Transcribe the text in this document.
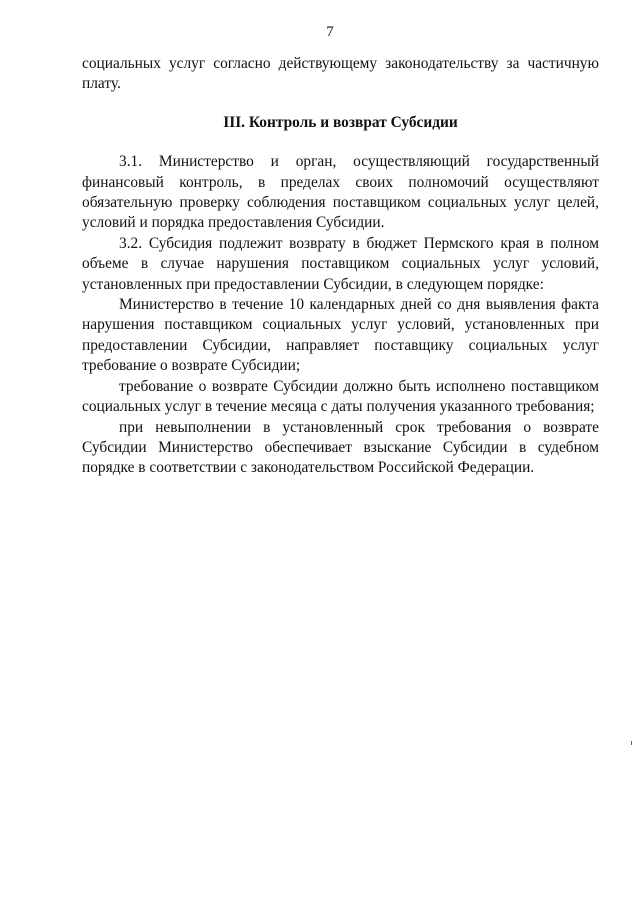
7

социальных услуг согласно действующему законодательству за частичную плату.

III. Контроль и возврат Субсидии

3.1. Министерство и орган, осуществляющий государственный финансовый контроль, в пределах своих полномочий осуществляют обязательную проверку соблюдения поставщиком социальных услуг целей, условий и порядка предоставления Субсидии.

3.2. Субсидия подлежит возврату в бюджет Пермского края в полном объеме в случае нарушения поставщиком социальных услуг условий, установленных при предоставлении Субсидии, в следующем порядке:

Министерство в течение 10 календарных дней со дня выявления факта нарушения поставщиком социальных услуг условий, установленных при предоставлении Субсидии, направляет поставщику социальных услуг требование о возврате Субсидии;

требование о возврате Субсидии должно быть исполнено поставщиком социальных услуг в течение месяца с даты получения указанного требования;

при невыполнении в установленный срок требования о возврате Субсидии Министерство обеспечивает взыскание Субсидии в судебном порядке в соответствии с законодательством Российской Федерации.
